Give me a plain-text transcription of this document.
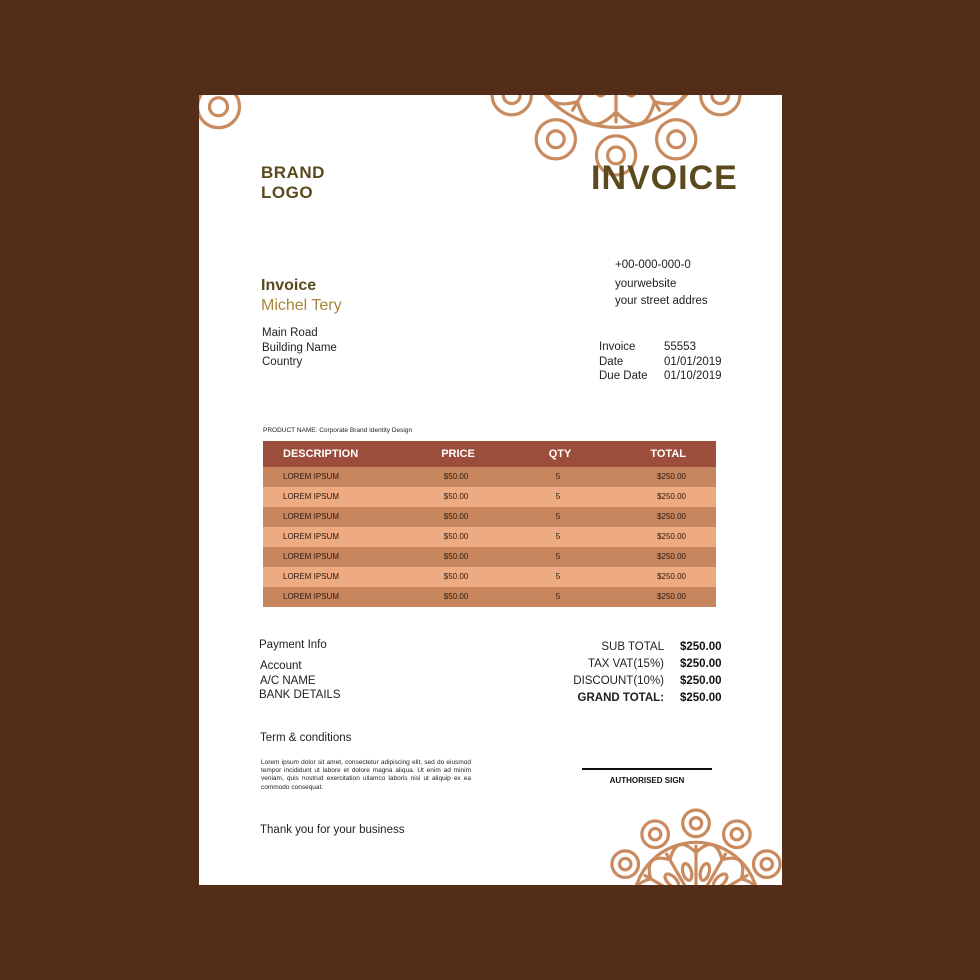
BRAND
LOGO	INVOICE
+00-000-000-0
yourwebsite
your street addres
Invoice
Michel Tery
Main Road
Building Name
Country
Invoice 55553
Date	01/01/2019
Due Date 01/10/2019
PRODUCT NAME: Corporate Brand Identity Design
DESCRIPTION	PRICE	QTY	TOTAL
LOREM IPSUM	$50.00	5	$250.00
LOREM IPSUM	$50.00	5	$250.00
LOREM IPSUM	$50.00	5	$250.00
LOREM IPSUM	$50.00	5	$250.00
LOREM IPSUM	$50.00	5	$250.00
LOREM IPSUM	$50.00	5	$250.00
LOREM IPSUM	$50.00	5	$250.00
Payment Info
Account
A/C NAME
BANK DETAILS
SUB TOTAL $250.00
TAX VAT(15%) $250.00
DISCOUNT(10%) $250.00
GRAND TOTAL: $250.00
Term & conditions
Lorem ipsum dolor sit amet, consectetur adipiscing elit, sed do eiusmod tempor incididunt ut labore et dolore magna aliqua. Ut enim ad minim veniam, quis nostrud exercitation ullamco laboris nisi ut aliquip ex ea commodo consequat.
AUTHORISED SIGN
Thank you for your business
